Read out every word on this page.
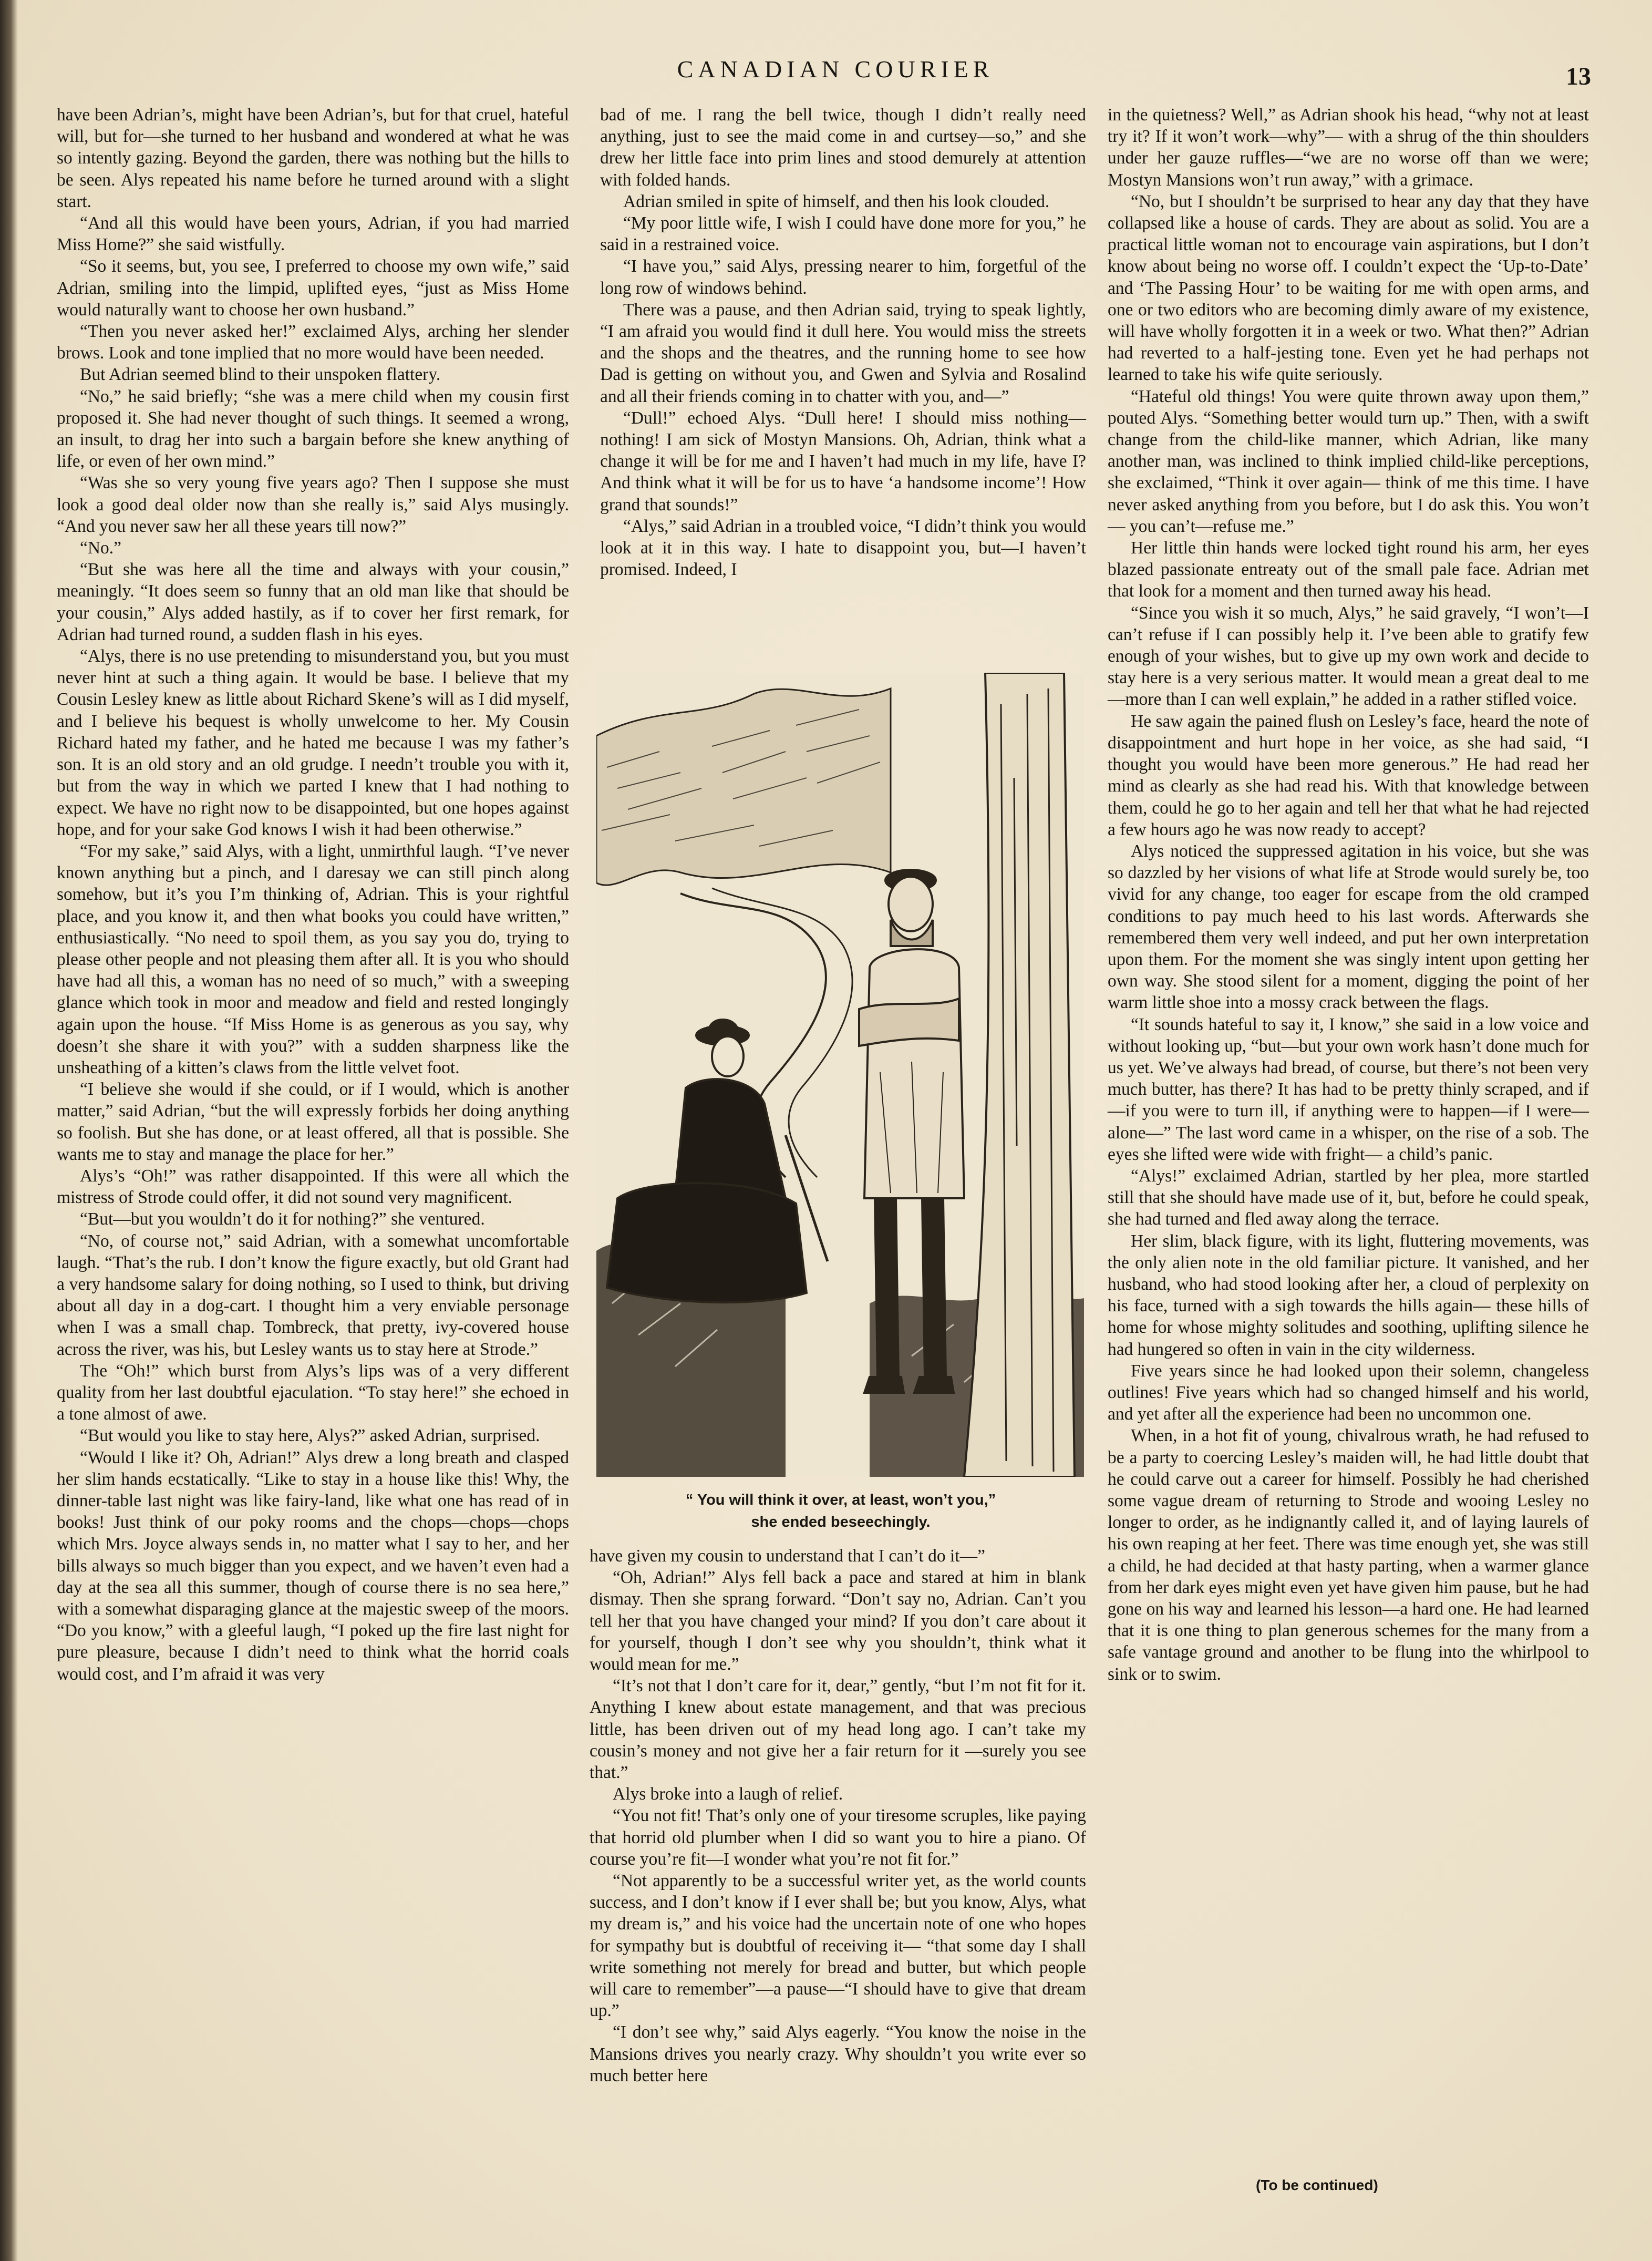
CANADIAN COURIER	13

have been Adrian’s, might have been Adrian’s, but for that cruel, hateful will, but for—she turned to her husband and wondered at what he was so intently gazing. Beyond the garden, there was nothing but the hills to be seen. Alys repeated his name before he turned around with a slight start.

“And all this would have been yours, Adrian, if you had married Miss Home?” she said wistfully.

“So it seems, but, you see, I preferred to choose my own wife,” said Adrian, smiling into the limpid, uplifted eyes, “just as Miss Home would naturally want to choose her own husband.”

“Then you never asked her!” exclaimed Alys, arching her slender brows. Look and tone implied that no more would have been needed.

But Adrian seemed blind to their unspoken flattery.

“No,” he said briefly; “she was a mere child when my cousin first proposed it. She had never thought of such things. It seemed a wrong, an insult, to drag her into such a bargain before she knew anything of life, or even of her own mind.”

“Was she so very young five years ago? Then I suppose she must look a good deal older now than she really is,” said Alys musingly. “And you never saw her all these years till now?”

“No.”

“But she was here all the time and always with your cousin,” meaningly. “It does seem so funny that an old man like that should be your cousin,” Alys added hastily, as if to cover her first remark, for Adrian had turned round, a sudden flash in his eyes.

“Alys, there is no use pretending to misunderstand you, but you must never hint at such a thing again. It would be base. I believe that my Cousin Lesley knew as little about Richard Skene’s will as I did myself, and I believe his bequest is wholly unwelcome to her. My Cousin Richard hated my father, and he hated me because I was my father’s son. It is an old story and an old grudge. I needn’t trouble you with it, but from the way in which we parted I knew that I had nothing to expect. We have no right now to be disappointed, but one hopes against hope, and for your sake God knows I wish it had been otherwise.”

“For my sake,” said Alys, with a light, unmirthful laugh. “I’ve never known anything but a pinch, and I daresay we can still pinch along somehow, but it’s you I’m thinking of, Adrian. This is your rightful place, and you know it, and then what books you could have written,” enthusiastically. “No need to spoil them, as you say you do, trying to please other people and not pleasing them after all. It is you who should have had all this, a woman has no need of so much,” with a sweeping glance which took in moor and meadow and field and rested longingly again upon the house. “If Miss Home is as generous as you say, why doesn’t she share it with you?” with a sudden sharpness like the unsheathing of a kitten’s claws from the little velvet foot.

“I believe she would if she could, or if I would, which is another matter,” said Adrian, “but the will expressly forbids her doing anything so foolish. But she has done, or at least offered, all that is possible. She wants me to stay and manage the place for her.”

Alys’s “Oh!” was rather disappointed. If this were all which the mistress of Strode could offer, it did not sound very magnificent.

“But—but you wouldn’t do it for nothing?” she ventured.

“No, of course not,” said Adrian, with a somewhat uncomfortable laugh. “That’s the rub. I don’t know the figure exactly, but old Grant had a very handsome salary for doing nothing, so I used to think, but driving about all day in a dog-cart. I thought him a very enviable personage when I was a small chap. Tombreck, that pretty, ivy-covered house across the river, was his, but Lesley wants us to stay here at Strode.”

The “Oh!” which burst from Alys’s lips was of a very different quality from her last doubtful ejaculation. “To stay here!” she echoed in a tone almost of awe.

“But would you like to stay here, Alys?” asked Adrian, surprised.

“Would I like it? Oh, Adrian!” Alys drew a long breath and clasped her slim hands ecstatically. “Like to stay in a house like this! Why, the dinner-table last night was like fairy-land, like what one has read of in books! Just think of our poky rooms and the chops—chops—chops which Mrs. Joyce always sends in, no matter what I say to her, and her bills always so much bigger than you expect, and we haven’t even had a day at the sea all this summer, though of course there is no sea here,” with a somewhat disparaging glance at the majestic sweep of the moors. “Do you know,” with a gleeful laugh, “I poked up the fire last night for pure pleasure, because I didn’t need to think what the horrid coals would cost, and I’m afraid it was very

bad of me. I rang the bell twice, though I didn’t really need anything, just to see the maid come in and curtsey—so,” and she drew her little face into prim lines and stood demurely at attention with folded hands.

Adrian smiled in spite of himself, and then his look clouded.

“My poor little wife, I wish I could have done more for you,” he said in a restrained voice.

“I have you,” said Alys, pressing nearer to him, forgetful of the long row of windows behind.

There was a pause, and then Adrian said, trying to speak lightly, “I am afraid you would find it dull here. You would miss the streets and the shops and the theatres, and the running home to see how Dad is getting on without you, and Gwen and Sylvia and Rosalind and all their friends coming in to chatter with you, and—”

“Dull!” echoed Alys. “Dull here! I should miss nothing—nothing! I am sick of Mostyn Mansions. Oh, Adrian, think what a change it will be for me and I haven’t had much in my life, have I? And think what it will be for us to have ‘a handsome income’! How grand that sounds!”

“Alys,” said Adrian in a troubled voice, “I didn’t think you would look at it in this way. I hate to disappoint you, but—I haven’t promised. Indeed, I

“ You will think it over, at least, won’t you,”
she ended beseechingly.

have given my cousin to understand that I can’t do it—”

“Oh, Adrian!” Alys fell back a pace and stared at him in blank dismay. Then she sprang forward. “Don’t say no, Adrian. Can’t you tell her that you have changed your mind? If you don’t care about it for yourself, though I don’t see why you shouldn’t, think what it would mean for me.”

“It’s not that I don’t care for it, dear,” gently, “but I’m not fit for it. Anything I knew about estate management, and that was precious little, has been driven out of my head long ago. I can’t take my cousin’s money and not give her a fair return for it —surely you see that.”

Alys broke into a laugh of relief.

“You not fit! That’s only one of your tiresome scruples, like paying that horrid old plumber when I did so want you to hire a piano. Of course you’re fit—I wonder what you’re not fit for.”

“Not apparently to be a successful writer yet, as the world counts success, and I don’t know if I ever shall be; but you know, Alys, what my dream is,” and his voice had the uncertain note of one who hopes for sympathy but is doubtful of receiving it— “that some day I shall write something not merely for bread and butter, but which people will care to remember”—a pause—“I should have to give that dream up.”

“I don’t see why,” said Alys eagerly. “You know the noise in the Mansions drives you nearly crazy. Why shouldn’t you write ever so much better here

in the quietness? Well,” as Adrian shook his head, “why not at least try it? If it won’t work—why”— with a shrug of the thin shoulders under her gauze ruffles—“we are no worse off than we were; Mostyn Mansions won’t run away,” with a grimace.

“No, but I shouldn’t be surprised to hear any day that they have collapsed like a house of cards. They are about as solid. You are a practical little woman not to encourage vain aspirations, but I don’t know about being no worse off. I couldn’t expect the ‘Up-to-Date’ and ‘The Passing Hour’ to be waiting for me with open arms, and one or two editors who are becoming dimly aware of my existence, will have wholly forgotten it in a week or two. What then?” Adrian had reverted to a half-jesting tone. Even yet he had perhaps not learned to take his wife quite seriously.

“Hateful old things! You were quite thrown away upon them,” pouted Alys. “Something better would turn up.” Then, with a swift change from the child-like manner, which Adrian, like many another man, was inclined to think implied child-like perceptions, she exclaimed, “Think it over again— think of me this time. I have never asked anything from you before, but I do ask this. You won’t— you can’t—refuse me.”

Her little thin hands were locked tight round his arm, her eyes blazed passionate entreaty out of the small pale face. Adrian met that look for a moment and then turned away his head.

“Since you wish it so much, Alys,” he said gravely, “I won’t—I can’t refuse if I can possibly help it. I’ve been able to gratify few enough of your wishes, but to give up my own work and decide to stay here is a very serious matter. It would mean a great deal to me—more than I can well explain,” he added in a rather stifled voice.

He saw again the pained flush on Lesley’s face, heard the note of disappointment and hurt hope in her voice, as she had said, “I thought you would have been more generous.” He had read her mind as clearly as she had read his. With that knowledge between them, could he go to her again and tell her that what he had rejected a few hours ago he was now ready to accept?

Alys noticed the suppressed agitation in his voice, but she was so dazzled by her visions of what life at Strode would surely be, too vivid for any change, too eager for escape from the old cramped conditions to pay much heed to his last words. Afterwards she remembered them very well indeed, and put her own interpretation upon them. For the moment she was singly intent upon getting her own way. She stood silent for a moment, digging the point of her warm little shoe into a mossy crack between the flags.

“It sounds hateful to say it, I know,” she said in a low voice and without looking up, “but—but your own work hasn’t done much for us yet. We’ve always had bread, of course, but there’s not been very much butter, has there? It has had to be pretty thinly scraped, and if—if you were to turn ill, if anything were to happen—if I were—alone—” The last word came in a whisper, on the rise of a sob. The eyes she lifted were wide with fright— a child’s panic.

“Alys!” exclaimed Adrian, startled by her plea, more startled still that she should have made use of it, but, before he could speak, she had turned and fled away along the terrace.

Her slim, black figure, with its light, fluttering movements, was the only alien note in the old familiar picture. It vanished, and her husband, who had stood looking after her, a cloud of perplexity on his face, turned with a sigh towards the hills again— these hills of home for whose mighty solitudes and soothing, uplifting silence he had hungered so often in vain in the city wilderness.

Five years since he had looked upon their solemn, changeless outlines! Five years which had so changed himself and his world, and yet after all the experience had been no uncommon one.

When, in a hot fit of young, chivalrous wrath, he had refused to be a party to coercing Lesley’s maiden will, he had little doubt that he could carve out a career for himself. Possibly he had cherished some vague dream of returning to Strode and wooing Lesley no longer to order, as he indignantly called it, and of laying laurels of his own reaping at her feet. There was time enough yet, she was still a child, he had decided at that hasty parting, when a warmer glance from her dark eyes might even yet have given him pause, but he had gone on his way and learned his lesson—a hard one. He had learned that it is one thing to plan generous schemes for the many from a safe vantage ground and another to be flung into the whirlpool to sink or to swim.

(To be continued)
